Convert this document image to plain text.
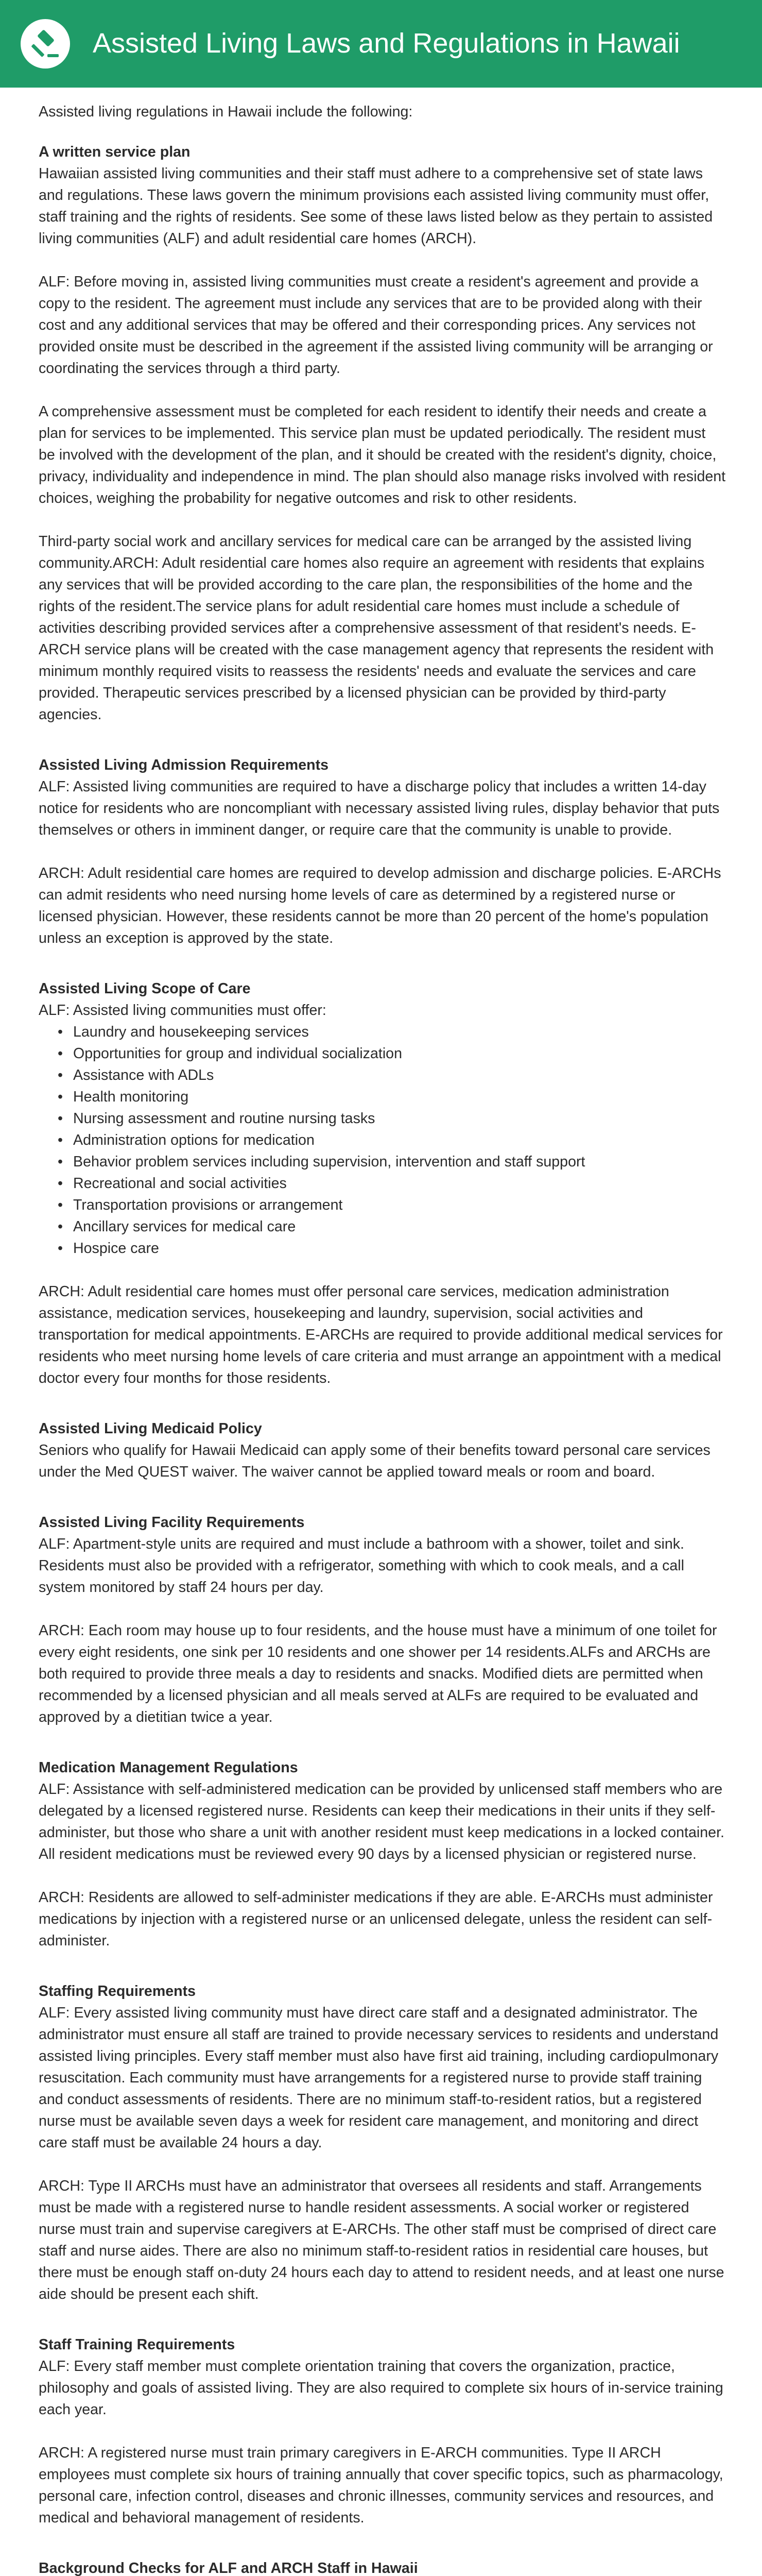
Assisted Living Laws and Regulations in Hawaii

Assisted living regulations in Hawaii include the following:

A written service plan

Hawaiian assisted living communities and their staff must adhere to a comprehensive set of state laws and regulations. These laws govern the minimum provisions each assisted living community must offer, staff training and the rights of residents. See some of these laws listed below as they pertain to assisted living communities (ALF) and adult residential care homes (ARCH).

ALF: Before moving in, assisted living communities must create a resident's agreement and provide a copy to the resident. The agreement must include any services that are to be provided along with their cost and any additional services that may be offered and their corresponding prices. Any services not provided onsite must be described in the agreement if the assisted living community will be arranging or coordinating the services through a third party.

A comprehensive assessment must be completed for each resident to identify their needs and create a plan for services to be implemented. This service plan must be updated periodically. The resident must be involved with the development of the plan, and it should be created with the resident's dignity, choice, privacy, individuality and independence in mind. The plan should also manage risks involved with resident choices, weighing the probability for negative outcomes and risk to other residents.

Third-party social work and ancillary services for medical care can be arranged by the assisted living community.ARCH: Adult residential care homes also require an agreement with residents that explains any services that will be provided according to the care plan, the responsibilities of the home and the rights of the resident.The service plans for adult residential care homes must include a schedule of activities describing provided services after a comprehensive assessment of that resident's needs. E-ARCH service plans will be created with the case management agency that represents the resident with minimum monthly required visits to reassess the residents' needs and evaluate the services and care provided. Therapeutic services prescribed by a licensed physician can be provided by third-party agencies.

Assisted Living Admission Requirements

ALF: Assisted living communities are required to have a discharge policy that includes a written 14-day notice for residents who are noncompliant with necessary assisted living rules, display behavior that puts themselves or others in imminent danger, or require care that the community is unable to provide.

ARCH: Adult residential care homes are required to develop admission and discharge policies. E-ARCHs can admit residents who need nursing home levels of care as determined by a registered nurse or licensed physician. However, these residents cannot be more than 20 percent of the home's population unless an exception is approved by the state.

Assisted Living Scope of Care

ALF: Assisted living communities must offer:

• Laundry and housekeeping services
• Opportunities for group and individual socialization
• Assistance with ADLs
• Health monitoring
• Nursing assessment and routine nursing tasks
• Administration options for medication
• Behavior problem services including supervision, intervention and staff support
• Recreational and social activities
• Transportation provisions or arrangement
• Ancillary services for medical care
• Hospice care

ARCH: Adult residential care homes must offer personal care services, medication administration assistance, medication services, housekeeping and laundry, supervision, social activities and transportation for medical appointments. E-ARCHs are required to provide additional medical services for residents who meet nursing home levels of care criteria and must arrange an appointment with a medical doctor every four months for those residents.

Assisted Living Medicaid Policy

Seniors who qualify for Hawaii Medicaid can apply some of their benefits toward personal care services under the Med QUEST waiver. The waiver cannot be applied toward meals or room and board.

Assisted Living Facility Requirements

ALF: Apartment-style units are required and must include a bathroom with a shower, toilet and sink. Residents must also be provided with a refrigerator, something with which to cook meals, and a call system monitored by staff 24 hours per day.

ARCH: Each room may house up to four residents, and the house must have a minimum of one toilet for every eight residents, one sink per 10 residents and one shower per 14 residents.ALFs and ARCHs are both required to provide three meals a day to residents and snacks. Modified diets are permitted when recommended by a licensed physician and all meals served at ALFs are required to be evaluated and approved by a dietitian twice a year.

Medication Management Regulations

ALF: Assistance with self-administered medication can be provided by unlicensed staff members who are delegated by a licensed registered nurse. Residents can keep their medications in their units if they self-administer, but those who share a unit with another resident must keep medications in a locked container. All resident medications must be reviewed every 90 days by a licensed physician or registered nurse.

ARCH: Residents are allowed to self-administer medications if they are able. E-ARCHs must administer medications by injection with a registered nurse or an unlicensed delegate, unless the resident can self-administer.

Staffing Requirements

ALF: Every assisted living community must have direct care staff and a designated administrator. The administrator must ensure all staff are trained to provide necessary services to residents and understand assisted living principles. Every staff member must also have first aid training, including cardiopulmonary resuscitation. Each community must have arrangements for a registered nurse to provide staff training and conduct assessments of residents. There are no minimum staff-to-resident ratios, but a registered nurse must be available seven days a week for resident care management, and monitoring and direct care staff must be available 24 hours a day.

ARCH: Type II ARCHs must have an administrator that oversees all residents and staff. Arrangements must be made with a registered nurse to handle resident assessments. A social worker or registered nurse must train and supervise caregivers at E-ARCHs. The other staff must be comprised of direct care staff and nurse aides. There are also no minimum staff-to-resident ratios in residential care houses, but there must be enough staff on-duty 24 hours each day to attend to resident needs, and at least one nurse aide should be present each shift.

Staff Training Requirements

ALF: Every staff member must complete orientation training that covers the organization, practice, philosophy and goals of assisted living. They are also required to complete six hours of in-service training each year.

ARCH: A registered nurse must train primary caregivers in E-ARCH communities. Type II ARCH employees must complete six hours of training annually that cover specific topics, such as pharmacology, personal care, infection control, diseases and chronic illnesses, community services and resources, and medical and behavioral management of residents.

Background Checks for ALF and ARCH Staff in Hawaii
